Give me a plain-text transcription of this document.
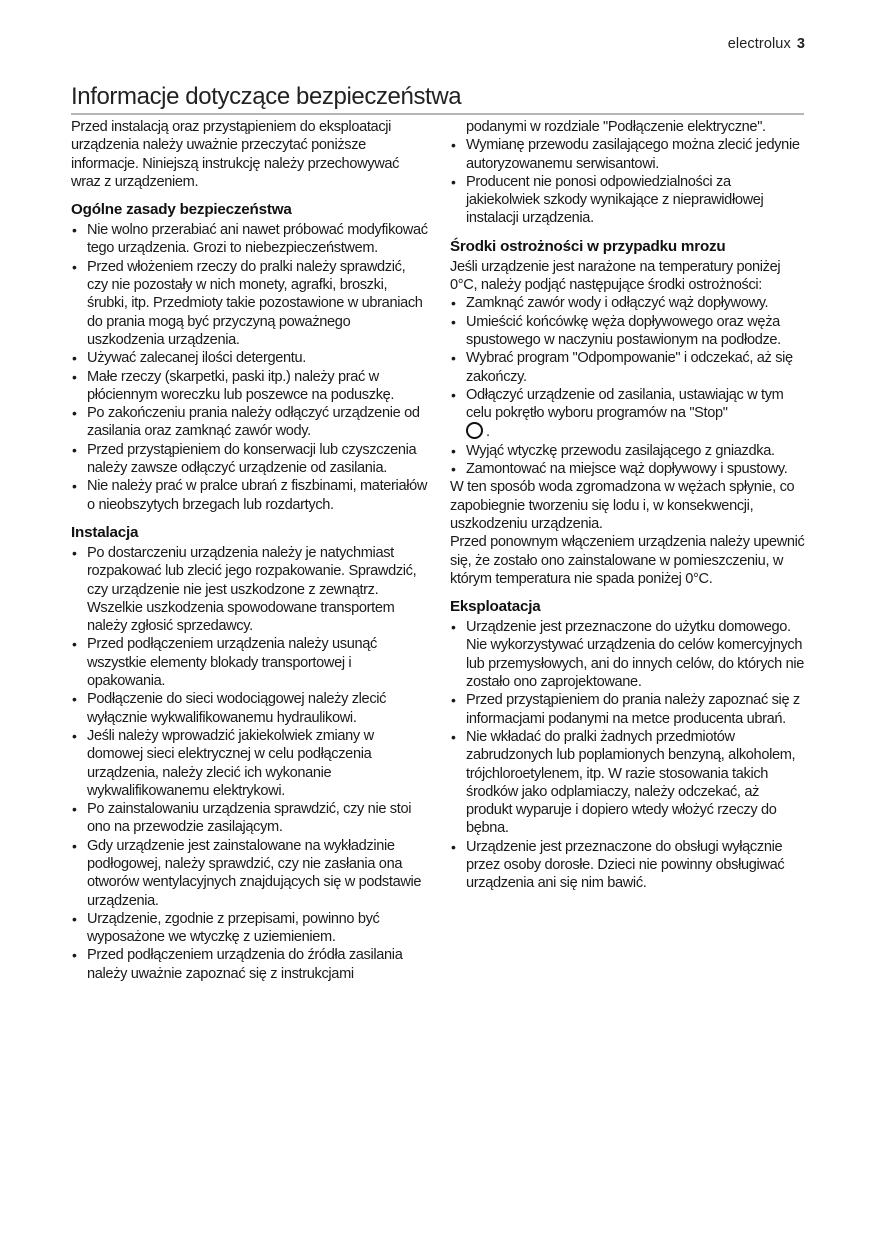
electrolux 3
Informacje dotyczące bezpieczeństwa

Przed instalacją oraz przystąpieniem do eksploatacji urządzenia należy uważnie przeczytać poniższe informacje. Niniejszą instrukcję należy przechowywać wraz z urządzeniem.

Ogólne zasady bezpieczeństwa
• Nie wolno przerabiać ani nawet próbować modyfikować tego urządzenia. Grozi to niebezpieczeństwem.
• Przed włożeniem rzeczy do pralki należy sprawdzić, czy nie pozostały w nich monety, agrafki, broszki, śrubki, itp. Przedmioty takie pozostawione w ubraniach do prania mogą być przyczyną poważnego uszkodzenia urządzenia.
• Używać zalecanej ilości detergentu.
• Małe rzeczy (skarpetki, paski itp.) należy prać w płóciennym woreczku lub poszewce na poduszkę.
• Po zakończeniu prania należy odłączyć urządzenie od zasilania oraz zamknąć zawór wody.
• Przed przystąpieniem do konserwacji lub czyszczenia należy zawsze odłączyć urządzenie od zasilania.
• Nie należy prać w pralce ubrań z fiszbinami, materiałów o nieobszytych brzegach lub rozdartych.
Instalacja
• Po dostarczeniu urządzenia należy je natychmiast rozpakować lub zlecić jego rozpakowanie. Sprawdzić, czy urządzenie nie jest uszkodzone z zewnątrz. Wszelkie uszkodzenia spowodowane transportem należy zgłosić sprzedawcy.
• Przed podłączeniem urządzenia należy usunąć wszystkie elementy blokady transportowej i opakowania.
• Podłączenie do sieci wodociągowej należy zlecić wyłącznie wykwalifikowanemu hydraulikowi.
• Jeśli należy wprowadzić jakiekolwiek zmiany w domowej sieci elektrycznej w celu podłączenia urządzenia, należy zlecić ich wykonanie wykwalifikowanemu elektrykowi.
• Po zainstalowaniu urządzenia sprawdzić, czy nie stoi ono na przewodzie zasilającym.
• Gdy urządzenie jest zainstalowane na wykładzinie podłogowej, należy sprawdzić, czy nie zasłania ona otworów wentylacyjnych znajdujących się w podstawie urządzenia.
• Urządzenie, zgodnie z przepisami, powinno być wyposażone we wtyczkę z uziemieniem.
• Przed podłączeniem urządzenia do źródła zasilania należy uważnie zapoznać się z instrukcjami
podanymi w rozdziale "Podłączenie elektryczne".
• Wymianę przewodu zasilającego można zlecić jedynie autoryzowanemu serwisantowi.
• Producent nie ponosi odpowiedzialności za jakiekolwiek szkody wynikające z nieprawidłowej instalacji urządzenia.
Środki ostrożności w przypadku mrozu

Jeśli urządzenie jest narażone na temperatury poniżej 0°C, należy podjąć następujące środki ostrożności:

• Zamknąć zawór wody i odłączyć wąż dopływowy.
• Umieścić końcówkę węża dopływowego oraz węża spustowego w naczyniu postawionym na podłodze.
• Wybrać program "Odpompowanie" i odczekać, aż się zakończy.
• Odłączyć urządzenie od zasilania, ustawiając w tym celu pokrętło wyboru programów na "Stop"
.
• Wyjąć wtyczkę przewodu zasilającego z gniazdka.
• Zamontować na miejsce wąż dopływowy i spustowy.

W ten sposób woda zgromadzona w wężach spłynie, co zapobiegnie tworzeniu się lodu i, w konsekwencji, uszkodzeniu urządzenia.

Przed ponownym włączeniem urządzenia należy upewnić się, że zostało ono zainstalowane w pomieszczeniu, w którym temperatura nie spada poniżej 0°C.

Eksploatacja
• Urządzenie jest przeznaczone do użytku domowego. Nie wykorzystywać urządzenia do celów komercyjnych lub przemysłowych, ani do innych celów, do których nie zostało ono zaprojektowane.
• Przed przystąpieniem do prania należy zapoznać się z informacjami podanymi na metce producenta ubrań.
• Nie wkładać do pralki żadnych przedmiotów zabrudzonych lub poplamionych benzyną, alkoholem, trójchloroetylenem, itp. W razie stosowania takich środków jako odplamiaczy, należy odczekać, aż produkt wyparuje i dopiero wtedy włożyć rzeczy do bębna.
• Urządzenie jest przeznaczone do obsługi wyłącznie przez osoby dorosłe. Dzieci nie powinny obsługiwać urządzenia ani się nim bawić.
